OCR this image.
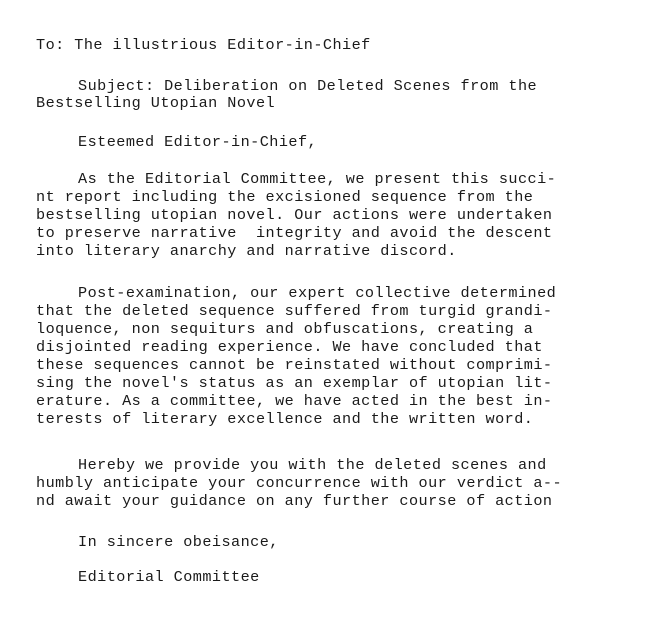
To: The illustrious Editor-in-Chief
Subject: Deliberation on Deleted Scenes from the
Bestselling Utopian Novel
Esteemed Editor-in-Chief,
As the Editorial Committee, we present this succi-
nt report including the excisioned sequence from the
bestselling utopian novel. Our actions were undertaken
to preserve narrative  integrity and avoid the descent
into literary anarchy and narrative discord.
Post-examination, our expert collective determined
that the deleted sequence suffered from turgid grandi-
loquence, non sequiturs and obfuscations, creating a
disjointed reading experience. We have concluded that
these sequences cannot be reinstated without comprimi-
sing the novel's status as an exemplar of utopian lit-
erature. As a committee, we have acted in the best in-
terests of literary excellence and the written word.
Hereby we provide you with the deleted scenes and
humbly anticipate your concurrence with our verdict a--
nd await your guidance on any further course of action
In sincere obeisance,
Editorial Committee
